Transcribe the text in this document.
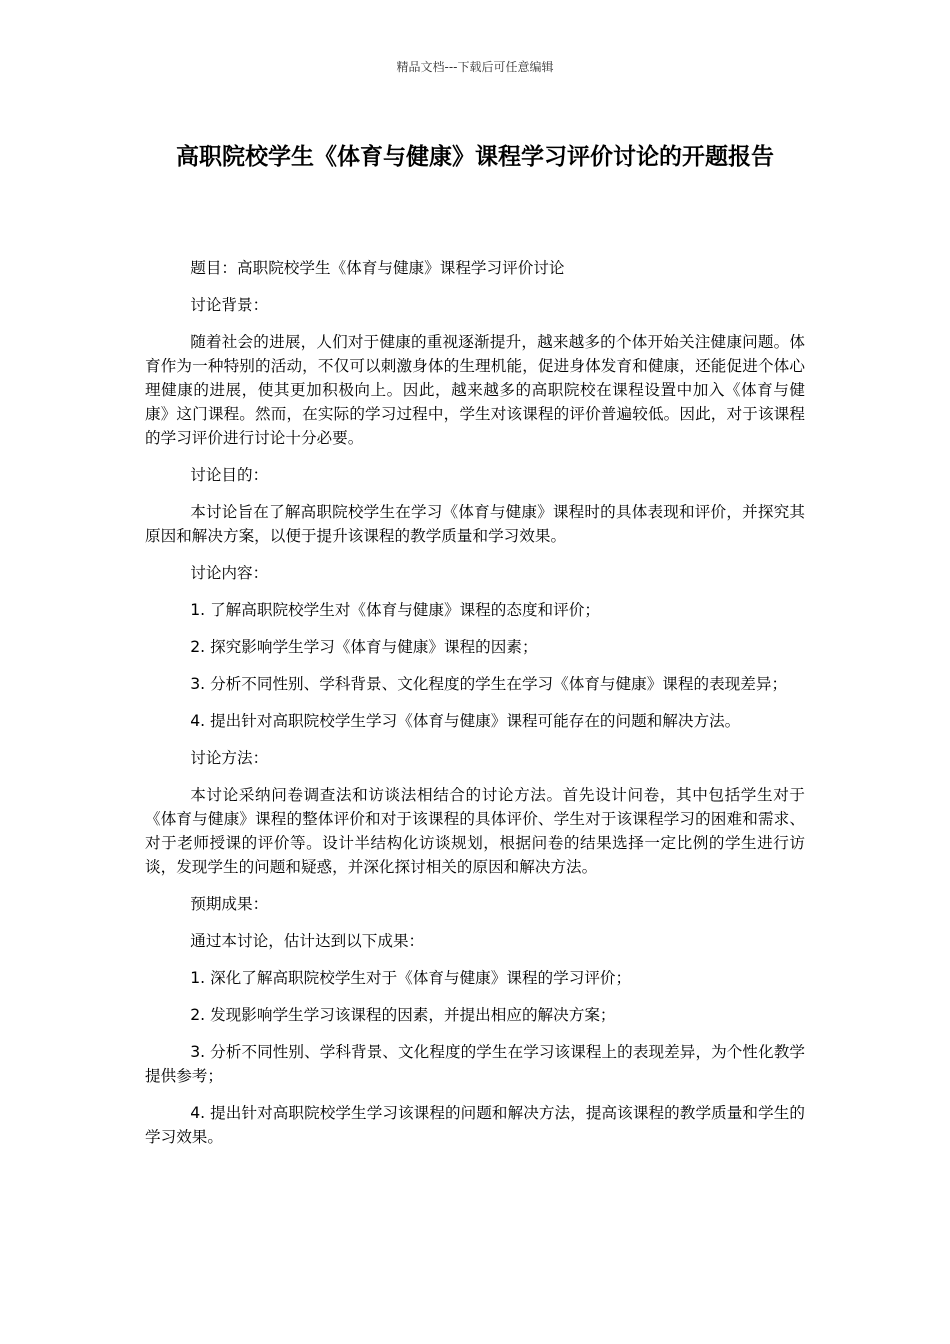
精品文档---下载后可任意编辑
高职院校学生《体育与健康》课程学习评价讨论的开题报告

题目：高职院校学生《体育与健康》课程学习评价讨论

讨论背景：

随着社会的进展，人们对于健康的重视逐渐提升，越来越多的个体开始关注健康问题。体育作为一种特别的活动，不仅可以刺激身体的生理机能，促进身体发育和健康，还能促进个体心理健康的进展，使其更加积极向上。因此，越来越多的高职院校在课程设置中加入《体育与健康》这门课程。然而，在实际的学习过程中，学生对该课程的评价普遍较低。因此，对于该课程的学习评价进行讨论十分必要。

讨论目的：

本讨论旨在了解高职院校学生在学习《体育与健康》课程时的具体表现和评价，并探究其原因和解决方案，以便于提升该课程的教学质量和学习效果。

讨论内容：

1. 了解高职院校学生对《体育与健康》课程的态度和评价；

2. 探究影响学生学习《体育与健康》课程的因素；

3. 分析不同性别、学科背景、文化程度的学生在学习《体育与健康》课程的表现差异；

4. 提出针对高职院校学生学习《体育与健康》课程可能存在的问题和解决方法。

讨论方法：

本讨论采纳问卷调查法和访谈法相结合的讨论方法。首先设计问卷，其中包括学生对于《体育与健康》课程的整体评价和对于该课程的具体评价、学生对于该课程学习的困难和需求、对于老师授课的评价等。设计半结构化访谈规划，根据问卷的结果选择一定比例的学生进行访谈，发现学生的问题和疑惑，并深化探讨相关的原因和解决方法。

预期成果：

通过本讨论，估计达到以下成果：

1. 深化了解高职院校学生对于《体育与健康》课程的学习评价；

2. 发现影响学生学习该课程的因素，并提出相应的解决方案；

3. 分析不同性别、学科背景、文化程度的学生在学习该课程上的表现差异，为个性化教学提供参考；

4. 提出针对高职院校学生学习该课程的问题和解决方法，提高该课程的教学质量和学生的学习效果。
